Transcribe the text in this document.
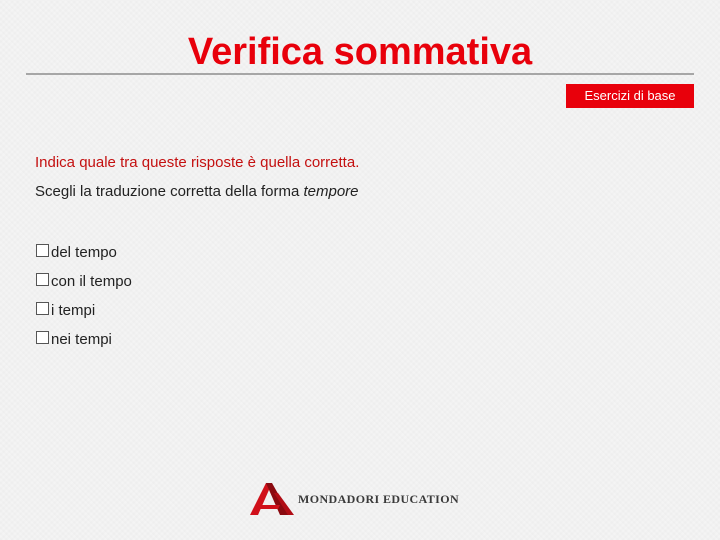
Verifica sommativa
Esercizi di base
Indica quale tra queste risposte è quella corretta.
Scegli la traduzione corretta della forma tempore
del tempo
con il tempo
i tempi
nei tempi
MONDADORI EDUCATION
